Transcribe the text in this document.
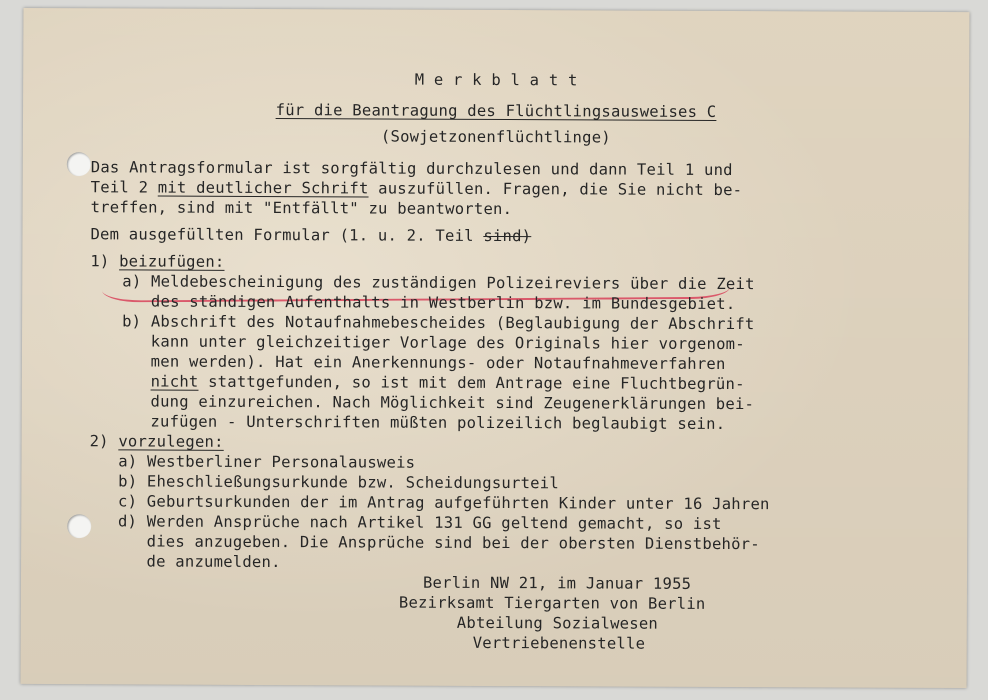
M e r k b l a t t
für die Beantragung des Flüchtlingsausweises C
(Sowjetzonenflüchtlinge)
Das Antragsformular ist sorgfältig durchzulesen und dann Teil 1 und
Teil 2 mit deutlicher Schrift auszufüllen. Fragen, die Sie nicht be-
treffen, sind mit "Entfällt" zu beantworten.
Dem ausgefüllten Formular (1. u. 2. Teil sind)
1) beizufügen:
a) Meldebescheinigung des zuständigen Polizeireviers über die Zeit
des ständigen Aufenthalts in Westberlin bzw. im Bundesgebiet.
b) Abschrift des Notaufnahmebescheides (Beglaubigung der Abschrift
kann unter gleichzeitiger Vorlage des Originals hier vorgenom-
men werden). Hat ein Anerkennungs- oder Notaufnahmeverfahren
nicht stattgefunden, so ist mit dem Antrage eine Fluchtbegrün-
dung einzureichen. Nach Möglichkeit sind Zeugenerklärungen bei-
zufügen - Unterschriften müßten polizeilich beglaubigt sein.
2) vorzulegen:
a) Westberliner Personalausweis
b) Eheschließungsurkunde bzw. Scheidungsurteil
c) Geburtsurkunden der im Antrag aufgeführten Kinder unter 16 Jahren
d) Werden Ansprüche nach Artikel 131 GG geltend gemacht, so ist
dies anzugeben. Die Ansprüche sind bei der obersten Dienstbehör-
de anzumelden.
Berlin NW 21, im Januar 1955
Bezirksamt Tiergarten von Berlin
Abteilung Sozialwesen
Vertriebenenstelle
